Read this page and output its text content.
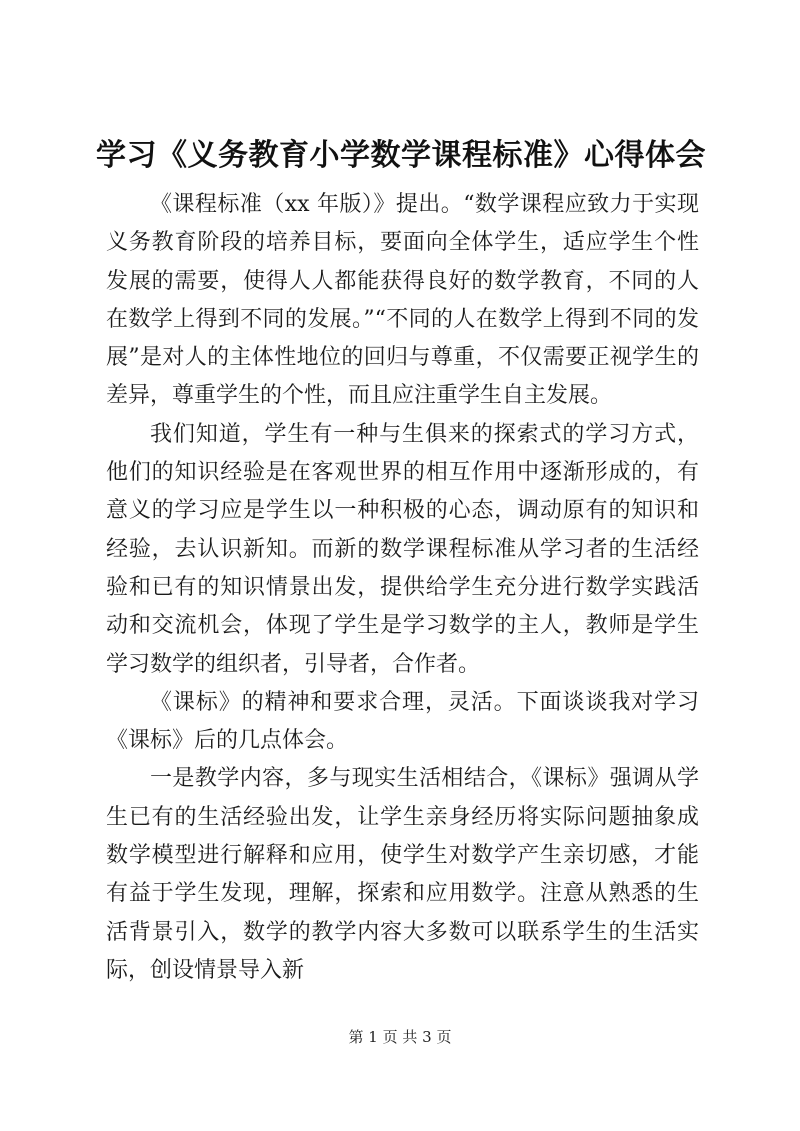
学习《义务教育小学数学课程标准》心得体会

《课程标准（xx 年版）》提出。“数学课程应致力于实现义务教育阶段的培养目标，要面向全体学生，适应学生个性发展的需要，使得人人都能获得良好的数学教育，不同的人在数学上得到不同的发展。”“不同的人在数学上得到不同的发展”是对人的主体性地位的回归与尊重，不仅需要正视学生的差异，尊重学生的个性，而且应注重学生自主发展。

我们知道，学生有一种与生俱来的探索式的学习方式，他们的知识经验是在客观世界的相互作用中逐渐形成的，有意义的学习应是学生以一种积极的心态，调动原有的知识和经验，去认识新知。而新的数学课程标准从学习者的生活经验和已有的知识情景出发，提供给学生充分进行数学实践活动和交流机会，体现了学生是学习数学的主人，教师是学生学习数学的组织者，引导者，合作者。

《课标》的精神和要求合理，灵活。下面谈谈我对学习《课标》后的几点体会。

一是教学内容，多与现实生活相结合，《课标》强调从学生已有的生活经验出发，让学生亲身经历将实际问题抽象成数学模型进行解释和应用，使学生对数学产生亲切感，才能有益于学生发现，理解，探索和应用数学。注意从熟悉的生活背景引入，数学的教学内容大多数可以联系学生的生活实际，创设情景导入新

第 1 页 共 3 页
